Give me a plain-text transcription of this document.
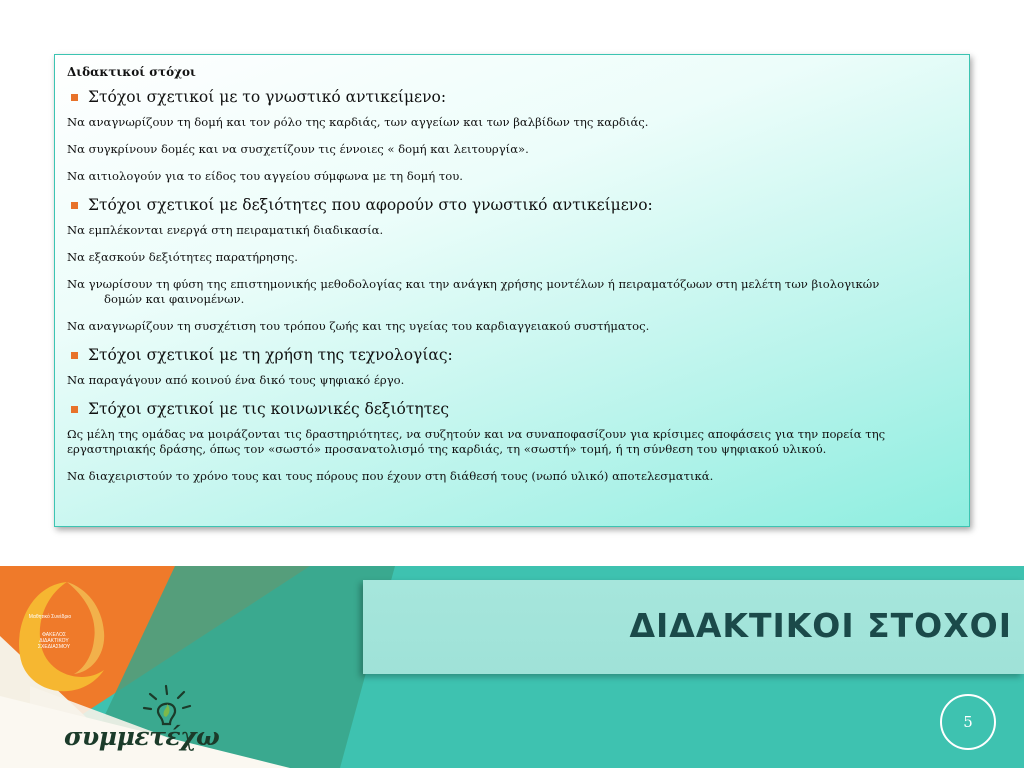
Διδακτικοί στόχοι
Στόχοι σχετικοί με το γνωστικό αντικείμενο:
Να αναγνωρίζουν τη δομή και τον ρόλο της καρδιάς, των αγγείων και των βαλβίδων της καρδιάς.
Να συγκρίνουν δομές και να συσχετίζουν τις έννοιες « δομή και λειτουργία».
Να αιτιολογούν για το είδος του αγγείου σύμφωνα με τη δομή του.
Στόχοι σχετικοί με δεξιότητες που αφορούν στο γνωστικό αντικείμενο:
Να εμπλέκονται ενεργά στη πειραματική διαδικασία.
Να εξασκούν δεξιότητες παρατήρησης.
Να γνωρίσουν τη φύση της επιστημονικής μεθοδολογίας και την ανάγκη χρήσης μοντέλων ή πειραματόζωων στη μελέτη των βιολογικών
δομών και φαινομένων.
Να αναγνωρίζουν τη συσχέτιση του τρόπου ζωής και της υγείας του καρδιαγγειακού συστήματος.
Στόχοι σχετικοί με τη χρήση της τεχνολογίας:
Να παραγάγουν από κοινού ένα δικό τους ψηφιακό έργο.
Στόχοι σχετικοί με τις κοινωνικές δεξιότητες
Ως μέλη της ομάδας να μοιράζονται τις δραστηριότητες, να συζητούν και να συναποφασίζουν για κρίσιμες αποφάσεις για την πορεία της
εργαστηριακής δράσης, όπως τον «σωστό» προσανατολισμό της καρδιάς, τη «σωστή» τομή, ή τη σύνθεση του ψηφιακού υλικού.
Να διαχειριστούν το χρόνο τους και τους πόρους που έχουν στη διάθεσή τους (νωπό υλικό) αποτελεσματικά.
Μαθητικό Συνέδριο
ΦΑΚΕΛΟΣ
ΔΙΔΑΚΤΙΚΟΥ
ΣΧΕΔΙΑΣΜΟΥ
συμμετέχω
ΔΙΔΑΚΤΙΚΟΙ ΣΤΟΧΟΙ
5
